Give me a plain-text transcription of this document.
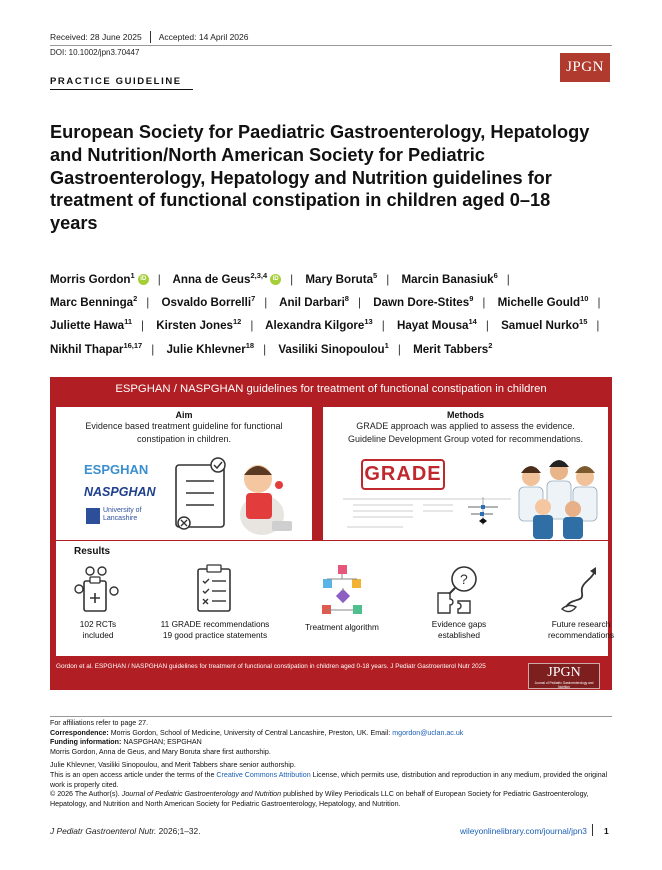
Received: 28 June 2025 Accepted: 14 April 2026
DOI: 10.1002/jpn3.70447
PRACTICE GUIDELINE
JPGN
European Society for Paediatric Gastroenterology, Hepatology and Nutrition/North American Society for Pediatric Gastroenterology, Hepatology and Nutrition guidelines for treatment of functional constipation in children aged 0–18 years
Morris Gordon$^1$ iD | Anna de Geus$^{2,3,4}$ iD | Mary Boruta$^5$ | Marcin Banasiuk$^6$ | Marc Benninga$^2$ | Osvaldo Borrelli$^7$ | Anil Darbari$^8$ | Dawn Dore-Stites$^9$ | Michelle Gould$^{10}$ | Juliette Hawa$^{11}$ | Kirsten Jones$^{12}$ | Alexandra Kilgore$^{13}$ | Hayat Mousa$^{14}$ | Samuel Nurko$^{15}$ | Nikhil Thapar$^{16,17}$ | Julie Khlevner$^{18}$ | Vasiliki Sinopoulou$^1$ | Merit Tabbers$^2$
ESPGHAN / NASPGHAN guidelines for treatment of functional constipation in children
Aim
Evidence based treatment guideline for functional constipation in children.
ESPGHAN
NASPGHAN
University of
Lancashire
Methods
GRADE approach was applied to assess the evidence.
Guideline Development Group voted for recommendations.
GRADE
Results
?
102 RCTs
included
11 GRADE recommendations
19 good practice statements
Treatment algorithm	Evidence gaps
established
Future research
recommendations
Gordon et al. ESPGHAN / NASPGHAN guidelines for treatment of functional constipation in children aged 0-18 years. J Pediatr Gastroenterol Nutr 2025	JPGN
Journal of Pediatric Gastroenterology and Nutrition
For affiliations refer to page 27.
Correspondence: Morris Gordon, School of Medicine, University of Central Lancashire, Preston, UK. Email: mgordon@uclan.ac.uk
Funding information: NASPGHAN; ESPGHAN
Morris Gordon, Anna de Geus, and Mary Boruta share first authorship.
Julie Khlevner, Vasiliki Sinopoulou, and Merit Tabbers share senior authorship.
This is an open access article under the terms of the Creative Commons Attribution License, which permits use, distribution and reproduction in any medium, provided the original work is properly cited.
© 2026 The Author(s). Journal of Pediatric Gastroenterology and Nutrition published by Wiley Periodicals LLC on behalf of European Society for Pediatric Gastroenterology, Hepatology, and Nutrition and North American Society for Pediatric Gastroenterology, Hepatology, and Nutrition.
J Pediatr Gastroenterol Nutr. 2026;1–32.	wileyonlinelibrary.com/journal/jpn3 1
